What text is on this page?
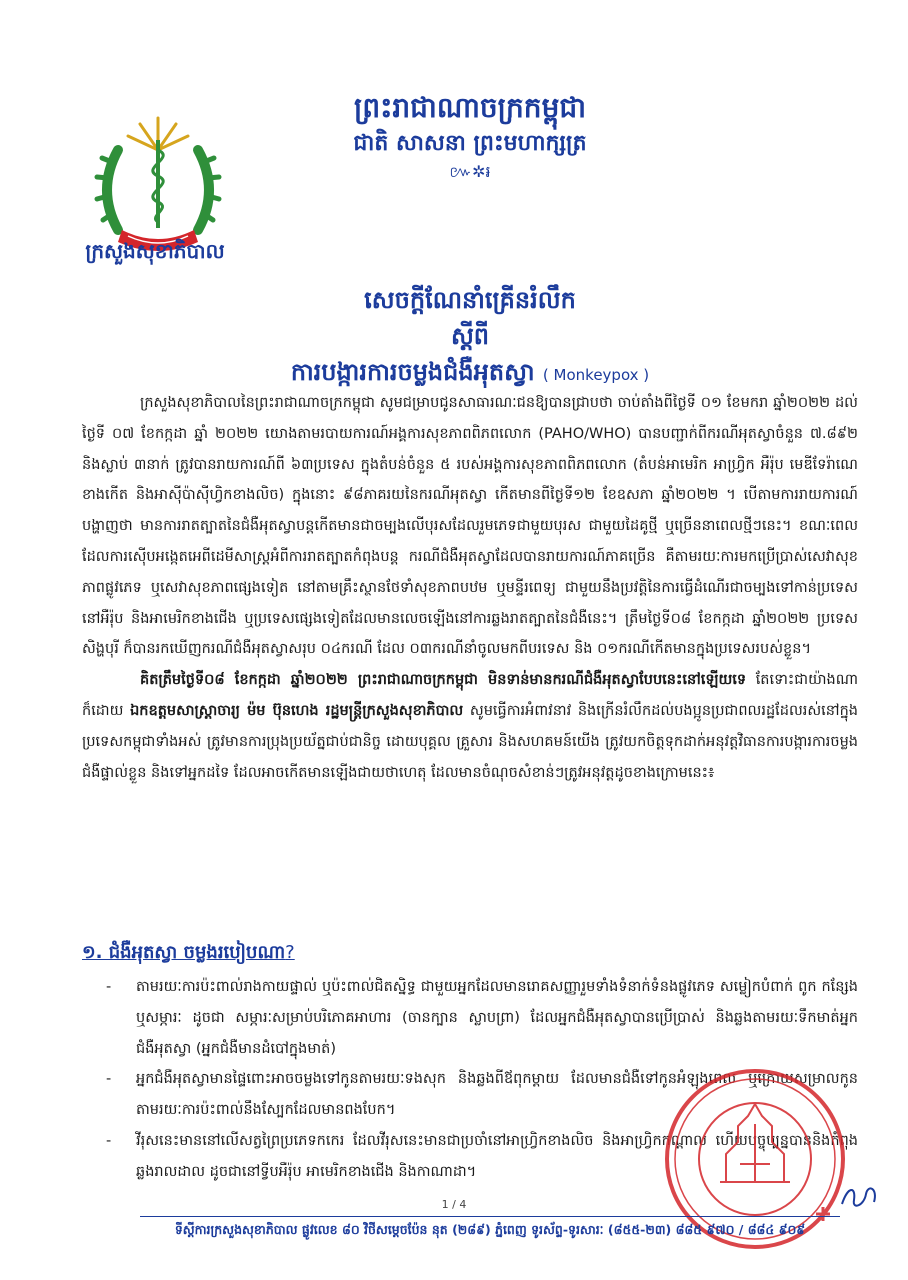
ក្រសួងសុខាភិបាល
ព្រះរាជាណាចក្រកម្ពុជា
ជាតិ សាសនា ព្រះមហាក្សត្រ
៚✲៛
សេចក្ដីណែនាំគ្រើនរំលឹក
ស្ដីពី
ការបង្ការការចម្លងជំងឺអុតស្វា ( Monkeypox )

ក្រសួងសុខាភិបាលនៃព្រះរាជាណាចក្រកម្ពុជា សូមជម្រាបជូនសាធារណៈជនឱ្យបានជ្រាបថា ចាប់តាំងពីថ្ងៃទី ០១ ខែមករា ឆ្នាំ២០២២ ដល់ថ្ងៃទី ០៧ ខែកក្កដា ឆ្នាំ ២០២២ យោងតាមរបាយការណ៍អង្គការសុខភាពពិភពលោក (PAHO/WHO) បានបញ្ជាក់ពីករណីអុតស្វាចំនួន ៧.៨៩២ និងស្លាប់ ៣នាក់ ត្រូវបានរាយការណ៍ពី ៦៣ប្រទេស ក្នុងតំបន់ចំនួន ៥ របស់អង្គការសុខភាពពិភពលោក (តំបន់អាមេរិក អាហ្វ្រិក អឺរ៉ុប មេឌីទែរ៉ាណេខាងកើត និងអាស៊ីប៉ាស៊ីហ្វិកខាងលិច) ក្នុងនោះ ៩៨ភាគរយនៃករណីអុតស្វា កើតមានពីថ្ងៃទី១២ ខែឧសភា ឆ្នាំ២០២២ ។ បើតាមការរាយការណ៍បង្ហាញថា មានការរាតត្បាតនៃជំងឺអុតស្វាបន្តកើតមានជាចម្បងលើបុរសដែលរួមភេទជាមួយបុរស ជាមួយដៃគូថ្មី ឬច្រើននាពេលថ្មីៗនេះ។ ខណៈពេលដែលការស៊ើបអង្កេតអេពីដេមីសាស្ត្រអំពីការរាតត្បាតកំពុងបន្ត ករណីជំងឺអុតស្វាដែលបានរាយការណ៍ភាគច្រើន គឺតាមរយៈការមកប្រើប្រាស់សេវាសុខភាពផ្លូវភេទ ឬសេវាសុខភាពផ្សេងទៀត នៅតាមគ្រឹះស្ថានថែទាំសុខភាពបឋម ឬមន្ទីរពេទ្យ ជាមួយនឹងប្រវត្តិនៃការធ្វើដំណើរជាចម្បងទៅកាន់ប្រទេសនៅអឺរ៉ុប និងអាមេរិកខាងជើង ឬប្រទេសផ្សេងទៀតដែលមានលេចឡើងនៅការឆ្លងរាតត្បាតនៃជំងឺនេះ។ ត្រឹមថ្ងៃទី០៨ ខែកក្កដា ឆ្នាំ២០២២ ប្រទេសសិង្ហបុរី ក៏បានរកឃើញករណីជំងឺអុតស្វាសរុប ០៤ករណី ដែល ០៣ករណីនាំចូលមកពីបរទេស និង ០១ករណីកើតមានក្នុងប្រទេសរបស់ខ្លួន។

គិតត្រឹមថ្ងៃទី០៨ ខែកក្កដា ឆ្នាំ២០២២ ព្រះរាជាណាចក្រកម្ពុជា មិនទាន់មានករណីជំងឺអុតស្វាបែបនេះនៅឡើយទេ តែទោះជាយ៉ាងណាក៏ដោយ ឯកឧត្តមសាស្ត្រាចារ្យ ម៉ម ប៊ុនហេង រដ្ឋមន្ត្រីក្រសួងសុខាភិបាល សូមធ្វើការអំពាវនាវ និងក្រើនរំលឹកដល់បងប្អូនប្រជាពលរដ្ឋដែលរស់នៅក្នុងប្រទេសកម្ពុជាទាំងអស់ ត្រូវមានការប្រុងប្រយ័ត្នជាប់ជានិច្ច ដោយបុគ្គល គ្រួសារ និងសហគមន៍យើង ត្រូវយកចិត្តទុកដាក់អនុវត្តវិធានការបង្ការការចម្លងជំងឺផ្ទាល់ខ្លួន និងទៅអ្នកដទៃ ដែលអាចកើតមានឡើងជាយថាហេតុ ដែលមានចំណុចសំខាន់ៗត្រូវអនុវត្តដូចខាងក្រោមនេះ៖

១. ជំងឺអុតស្វា ចម្លងរបៀបណា?
-	តាមរយៈការប៉ះពាល់រាងកាយផ្ទាល់ ឬប៉ះពាល់ជិតស្និទ្ធ ជាមួយអ្នកដែលមានរោគសញ្ញារួមទាំងទំនាក់ទំនងផ្លូវភេទ សម្លៀកបំពាក់ ពូក កន្សែង ឬសម្ភារៈ ដូចជា សម្ភារៈសម្រាប់បរិភោគអាហារ (ចានក្បាន ស្លាបព្រា) ដែលអ្នកជំងឺអុតស្វាបានប្រើប្រាស់ និងឆ្លងតាមរយៈទឹកមាត់អ្នកជំងឺអុតស្វា (អ្នកជំងឺមានដំបៅក្នុងមាត់)
-	អ្នកជំងឺអុតស្វាមានផ្ទៃពោះអាចចម្លងទៅកូនតាមរយៈទងសុក និងឆ្លងពីឪពុកម្ដាយ ដែលមានជំងឺទៅកូនអំឡុងពេល ឬក្រោយសម្រាលកូន តាមរយៈការប៉ះពាល់នឹងស្បែកដែលមានពងបែក។
-	វីរុសនេះមាននៅលើសត្វព្រៃប្រភេទកកេរ ដែលវីរុសនេះមានជាប្រចាំនៅអាហ្វ្រិកខាងលិច និងអាហ្វ្រិកកណ្ដាល ហើយបច្ចុប្បន្នបាននិងកំពុងឆ្លងរាលដាល ដូចជានៅទ្វីបអឺរ៉ុប អាមេរិកខាងជើង និងកាណាដា។
1 / 4
ទីស្ដីការក្រសួងសុខាភិបាល ផ្លូវលេខ ៨០ វិថីសម្ដេចប៉ែន នុត (២៨៩) ភ្នំពេញ ទូរស័ព្ទ-ទូរសារៈ (៨៥៥-២៣) ៨៨៥ ៩៧០ / ៨៨៤ ៩០៩
